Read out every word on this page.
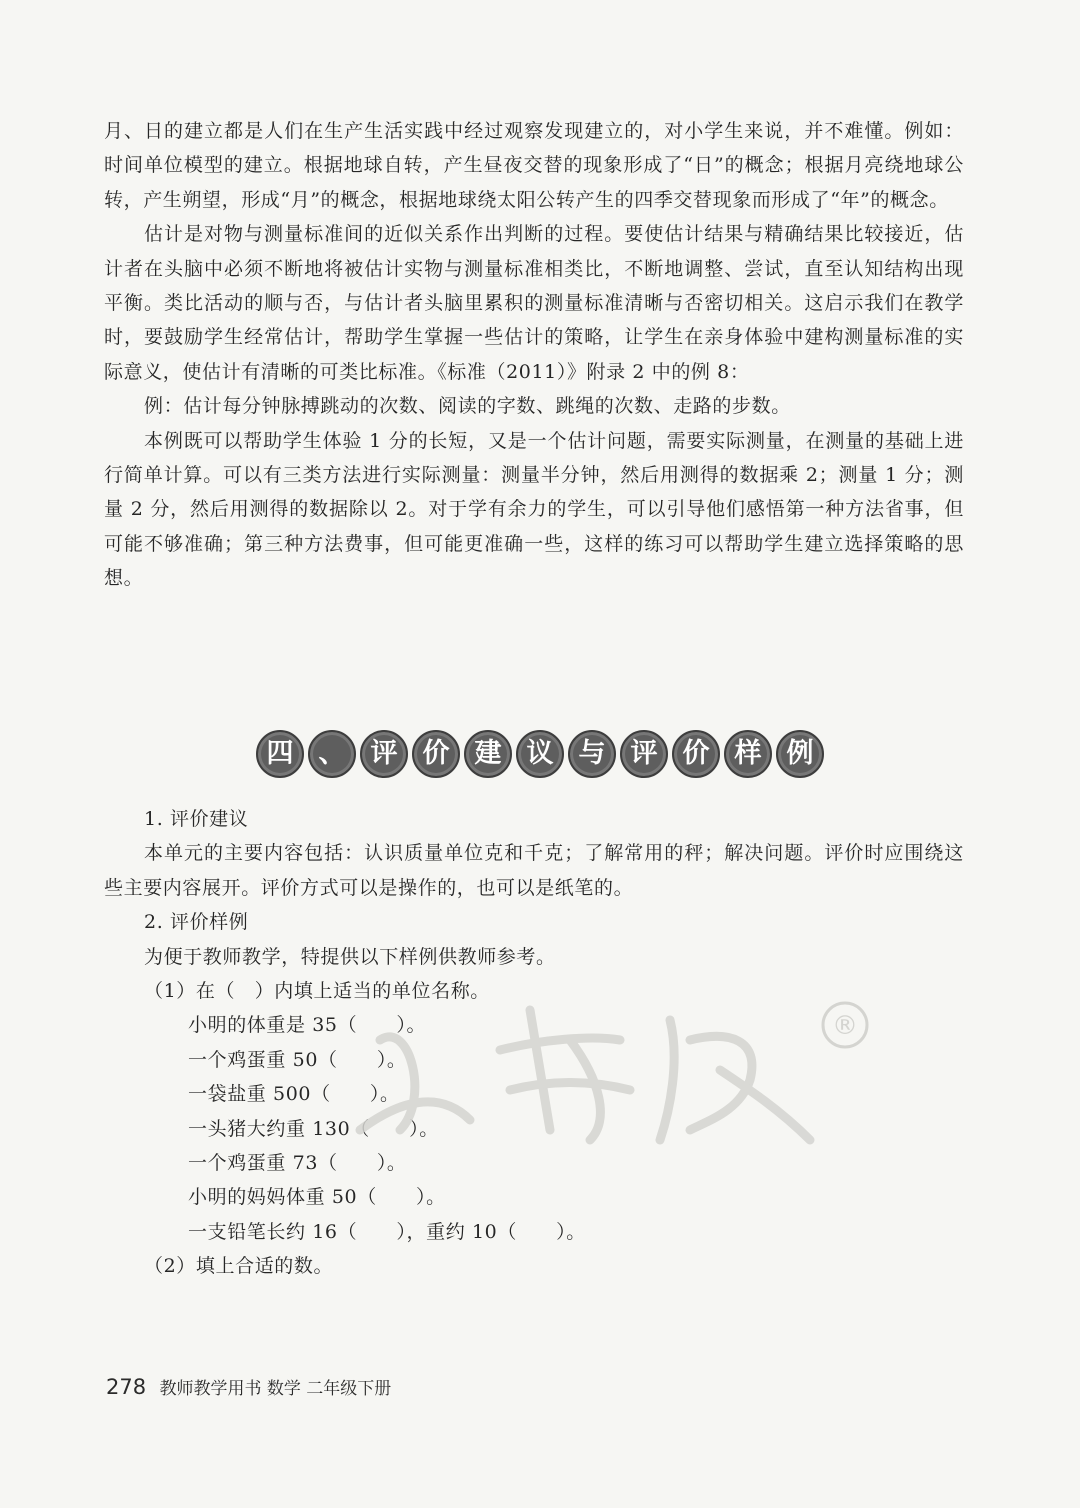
月、日的建立都是人们在生产生活实践中经过观察发现建立的，对小学生来说，并不难懂。例如：时间单位模型的建立。根据地球自转，产生昼夜交替的现象形成了“日”的概念；根据月亮绕地球公转，产生朔望，形成“月”的概念，根据地球绕太阳公转产生的四季交替现象而形成了“年”的概念。

估计是对物与测量标准间的近似关系作出判断的过程。要使估计结果与精确结果比较接近，估计者在头脑中必须不断地将被估计实物与测量标准相类比，不断地调整、尝试，直至认知结构出现平衡。类比活动的顺与否，与估计者头脑里累积的测量标准清晰与否密切相关。这启示我们在教学时，要鼓励学生经常估计，帮助学生掌握一些估计的策略，让学生在亲身体验中建构测量标准的实际意义，使估计有清晰的可类比标准。《标准（2011）》附录 2 中的例 8：

例：估计每分钟脉搏跳动的次数、阅读的字数、跳绳的次数、走路的步数。

本例既可以帮助学生体验 1 分的长短，又是一个估计问题，需要实际测量，在测量的基础上进行简单计算。可以有三类方法进行实际测量：测量半分钟，然后用测得的数据乘 2；测量 1 分；测量 2 分，然后用测得的数据除以 2。对于学有余力的学生，可以引导他们感悟第一种方法省事，但可能不够准确；第三种方法费事，但可能更准确一些，这样的练习可以帮助学生建立选择策略的思想。

四 、 评 价 建 议 与 评 价 样 例

1. 评价建议

本单元的主要内容包括：认识质量单位克和千克；了解常用的秤；解决问题。评价时应围绕这些主要内容展开。评价方式可以是操作的，也可以是纸笔的。

2. 评价样例

为便于教师教学，特提供以下样例供教师参考。

（1）在（　）内填上适当的单位名称。

小明的体重是 35（　　）。

一个鸡蛋重 50（　　）。

一袋盐重 500（　　）。

一头猪大约重 130（　　）。

一个鸡蛋重 73（　　）。

小明的妈妈体重 50（　　）。

一支铅笔长约 16（　　），重约 10（　　）。

（2）填上合适的数。

®
278 教师教学用书 数学 二年级下册
